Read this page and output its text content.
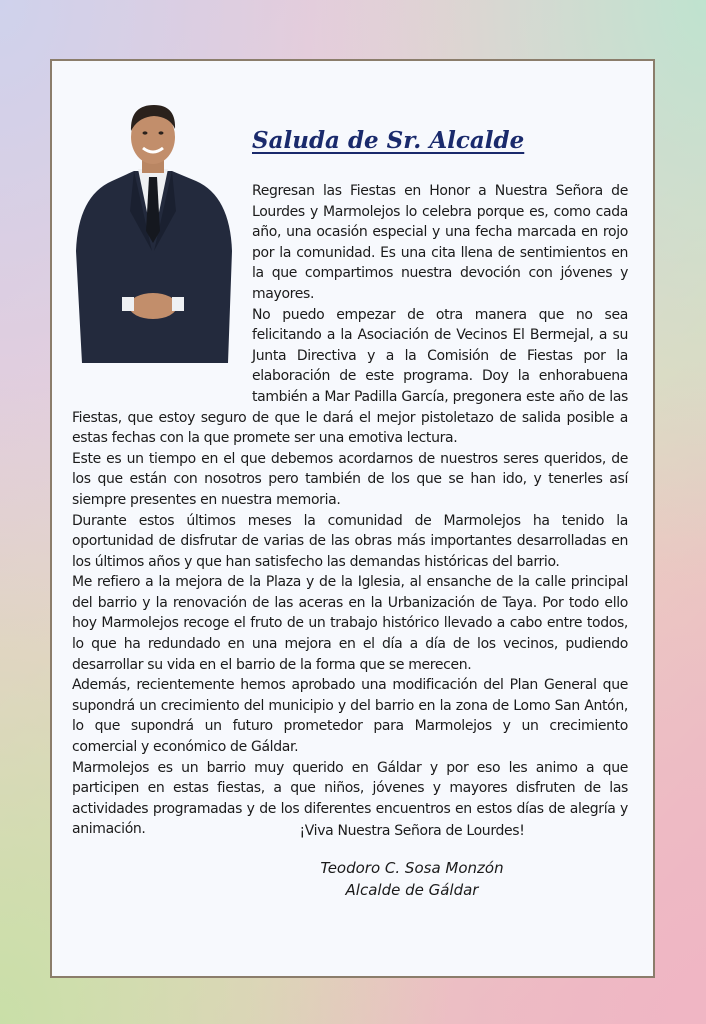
Saluda de Sr. Alcalde

Regresan las Fiestas en Honor a Nuestra Señora de Lourdes y Marmolejos lo celebra porque es, como cada año, una ocasión especial y una fecha marcada en rojo por la comunidad. Es una cita llena de sentimientos en la que compartimos nuestra devoción con jóvenes y mayores.

No puedo empezar de otra manera que no sea felicitando a la Asociación de Vecinos El Bermejal, a su Junta Directiva y a la Comisión de Fiestas por la elaboración de este programa. Doy la enhorabuena también a Mar Padilla García, pregonera este año de las Fiestas, que estoy seguro de que le dará el mejor pistoletazo de salida posible a estas fechas con la que promete ser una emotiva lectura.

Este es un tiempo en el que debemos acordarnos de nuestros seres queridos, de los que están con nosotros pero también de los que se han ido, y tenerles así siempre presentes en nuestra memoria.

Durante estos últimos meses la comunidad de Marmolejos ha tenido la oportunidad de disfrutar de varias de las obras más importantes desarrolladas en los últimos años y que han satisfecho las demandas históricas del barrio.

Me refiero a la mejora de la Plaza y de la Iglesia, al ensanche de la calle principal del barrio y la renovación de las aceras en la Urbanización de Taya. Por todo ello hoy Marmolejos recoge el fruto de un trabajo histórico llevado a cabo entre todos, lo que ha redundado en una mejora en el día a día de los vecinos, pudiendo desarrollar su vida en el barrio de la forma que se merecen.

Además, recientemente hemos aprobado una modificación del Plan General que supondrá un crecimiento del municipio y del barrio en la zona de Lomo San Antón, lo que supondrá un futuro prometedor para Marmolejos y un crecimiento comercial y económico de Gáldar.

Marmolejos es un barrio muy querido en Gáldar y por eso les animo a que participen en estas fiestas, a que niños, jóvenes y mayores disfruten de las actividades programadas y de los diferentes encuentros en estos días de alegría y animación.	¡Viva Nuestra Señora de Lourdes!

Teodoro C. Sosa Monzón
Alcalde de Gáldar
